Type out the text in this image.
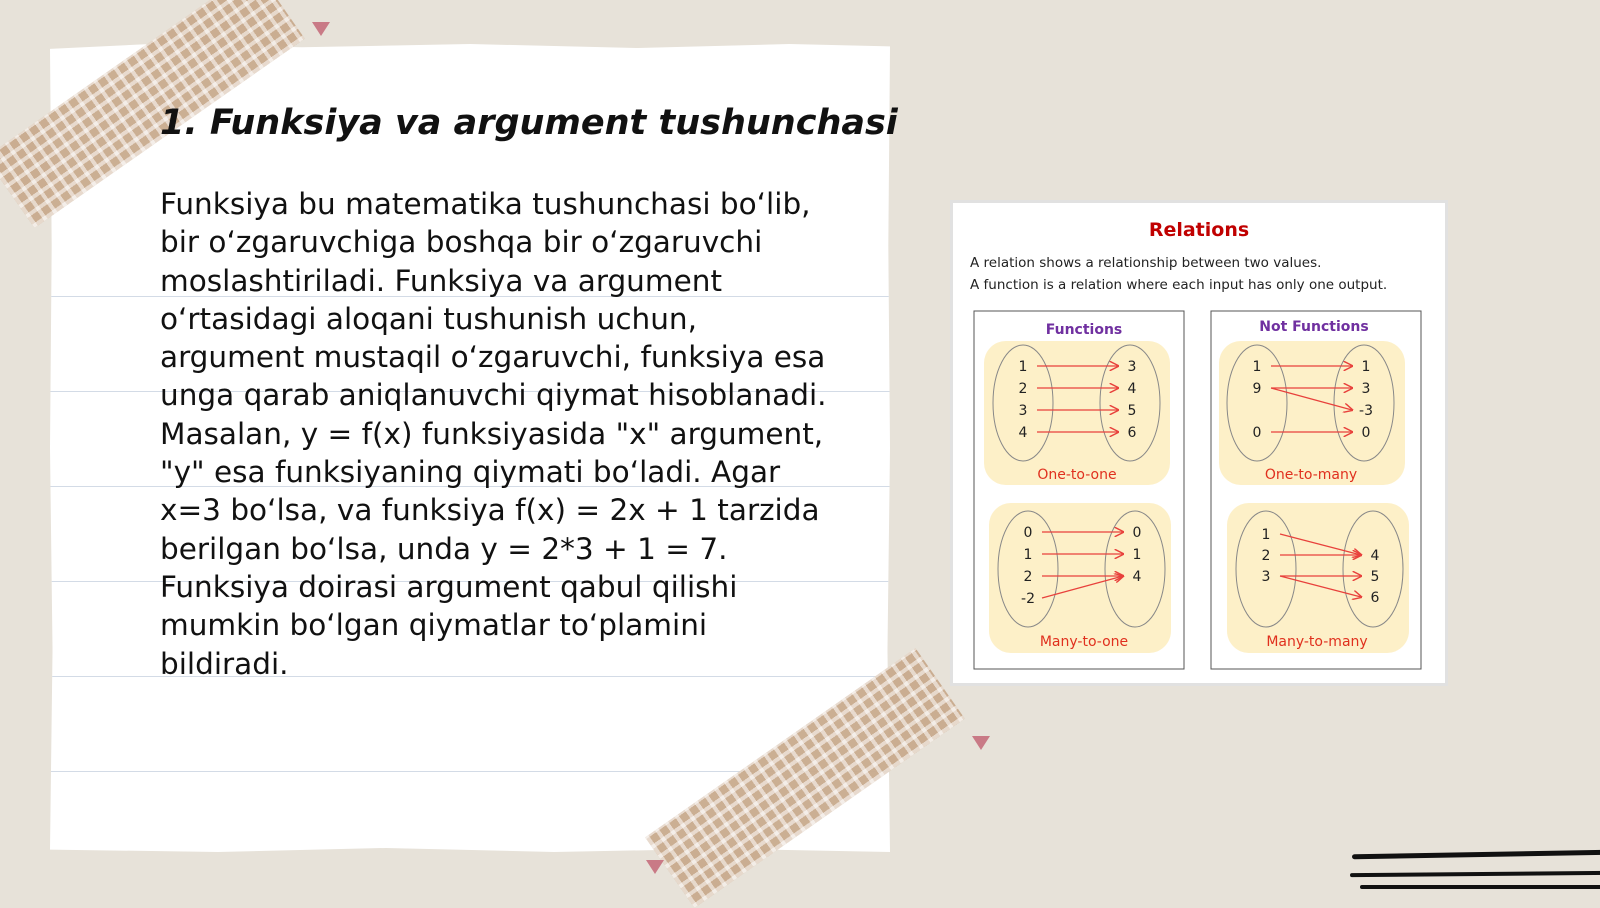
1. Funksiya va argument tushunchasi
Funksiya bu matematika tushunchasi bo‘lib,
bir o‘zgaruvchiga boshqa bir o‘zgaruvchi
moslashtiriladi. Funksiya va argument
o‘rtasidagi aloqani tushunish uchun,
argument mustaqil o‘zgaruvchi, funksiya esa
unga qarab aniqlanuvchi qiymat hisoblanadi.
Masalan, y = f(x) funksiyasida "x" argument,
"y" esa funksiyaning qiymati bo‘ladi. Agar
x=3 bo‘lsa, va funksiya f(x) = 2x + 1 tarzida
berilgan bo‘lsa, unda y = 2*3 + 1 = 7.
Funksiya doirasi argument qabul qilishi
mumkin bo‘lgan qiymatlar to‘plamini
bildiradi.
Relations
A relation shows a relationship between two values.
A function is a relation where each input has only one output.
Functions	Not Functions
One-to-one
1
2
3
4
3
4
5
6
One-to-many
1
9
0
1
3
-3
0
Many-to-one
0
1
2
-2
0
1
4
Many-to-many
1
2
3
4
5
6
